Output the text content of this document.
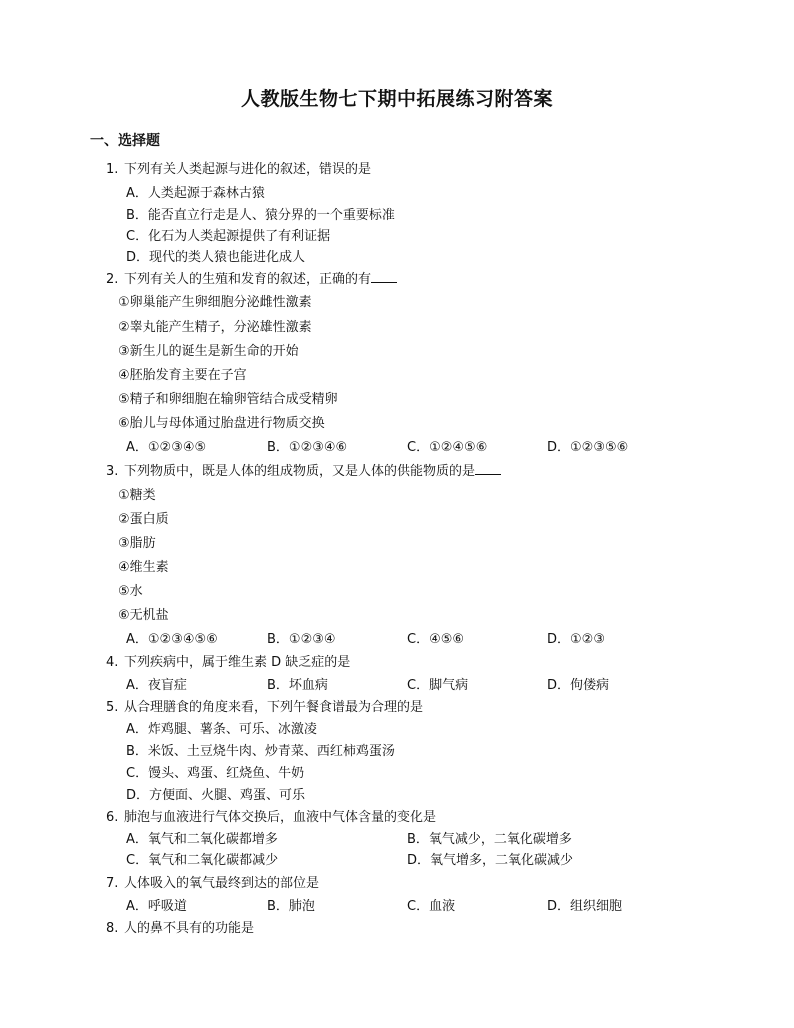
人教版生物七下期中拓展练习附答案
一、选择题
1. 下列有关人类起源与进化的叙述，错误的是
A．人类起源于森林古猿
B．能否直立行走是人、猿分界的一个重要标准
C．化石为人类起源提供了有利证据
D．现代的类人猿也能进化成人
2. 下列有关人的生殖和发育的叙述，正确的有
①卵巢能产生卵细胞分泌雌性激素
②睾丸能产生精子，分泌雄性激素
③新生儿的诞生是新生命的开始
④胚胎发育主要在子宫
⑤精子和卵细胞在输卵管结合成受精卵
⑥胎儿与母体通过胎盘进行物质交换
A．①②③④⑤	B．①②③④⑥	C．①②④⑤⑥	D．①②③⑤⑥
3. 下列物质中，既是人体的组成物质，又是人体的供能物质的是
①糖类
②蛋白质
③脂肪
④维生素
⑤水
⑥无机盐
A．①②③④⑤⑥	B．①②③④	C．④⑤⑥	D．①②③
4. 下列疾病中，属于维生素 D 缺乏症的是
A．夜盲症	B．坏血病	C．脚气病	D．佝偻病
5. 从合理膳食的角度来看，下列午餐食谱最为合理的是
A．炸鸡腿、薯条、可乐、冰激凌
B．米饭、土豆烧牛肉、炒青菜、西红柿鸡蛋汤
C．馒头、鸡蛋、红烧鱼、牛奶
D．方便面、火腿、鸡蛋、可乐
6. 肺泡与血液进行气体交换后，血液中气体含量的变化是
A．氧气和二氧化碳都增多	B．氧气减少，二氧化碳增多
C．氧气和二氧化碳都减少	D．氧气增多，二氧化碳减少
7. 人体吸入的氧气最终到达的部位是
A．呼吸道	B．肺泡	C．血液	D．组织细胞
8. 人的鼻不具有的功能是
